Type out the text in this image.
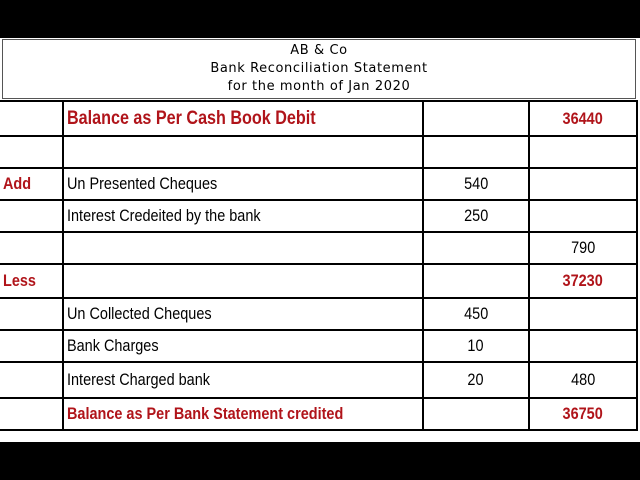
AB & Co
Bank Reconciliation Statement
for the month of Jan 2020
	Balance as Per Cash Book Debit		36440

Add	Un Presented Cheques	540	
	Interest Credeited by the bank	250	
			790
Less			37230
	Un Collected Cheques	450	
	Bank Charges	10	
	Interest Charged bank	20	480
	Balance as Per Bank Statement credited		36750
